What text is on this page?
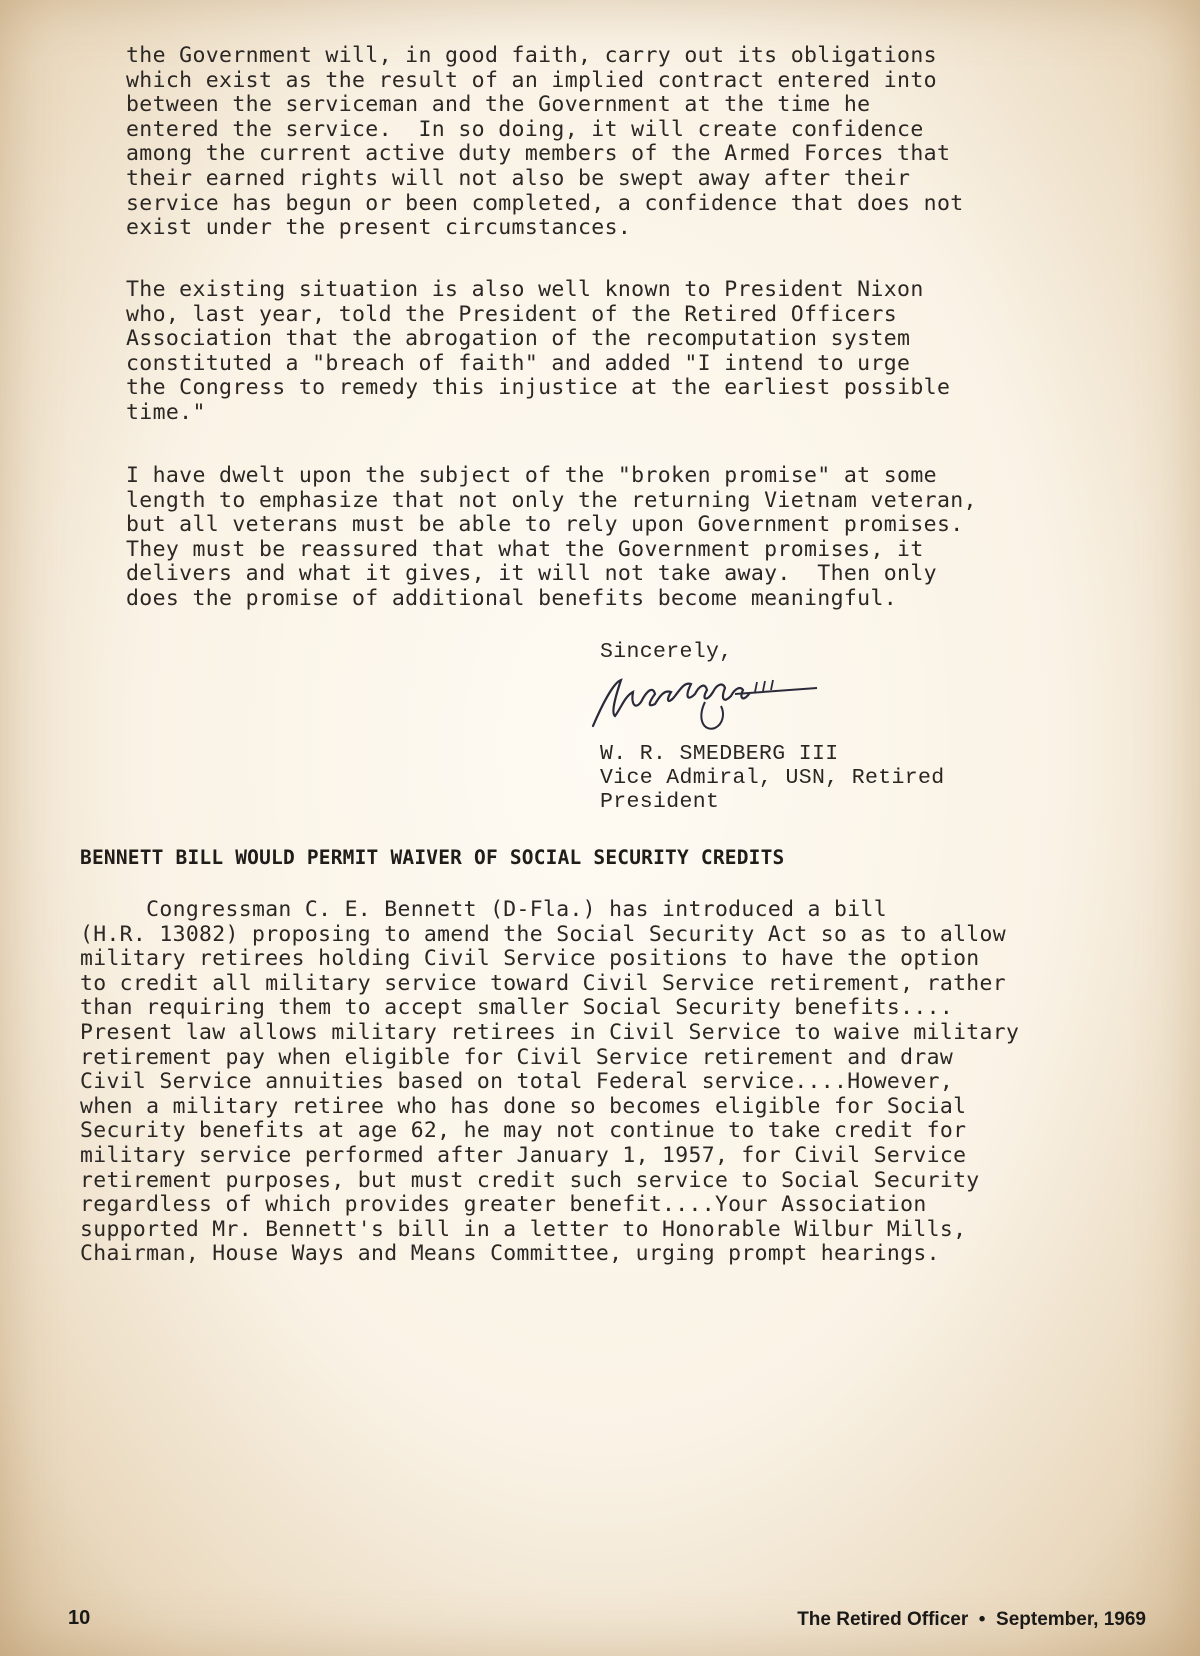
the Government will, in good faith, carry out its obligations
which exist as the result of an implied contract entered into
between the serviceman and the Government at the time he
entered the service.  In so doing, it will create confidence
among the current active duty members of the Armed Forces that
their earned rights will not also be swept away after their
service has begun or been completed, a confidence that does not
exist under the present circumstances.
The existing situation is also well known to President Nixon
who, last year, told the President of the Retired Officers
Association that the abrogation of the recomputation system
constituted a "breach of faith" and added "I intend to urge
the Congress to remedy this injustice at the earliest possible
time."
I have dwelt upon the subject of the "broken promise" at some
length to emphasize that not only the returning Vietnam veteran,
but all veterans must be able to rely upon Government promises.
They must be reassured that what the Government promises, it
delivers and what it gives, it will not take away.  Then only
does the promise of additional benefits become meaningful.
Sincerely,
W. R. SMEDBERG III
Vice Admiral, USN, Retired
President
BENNETT BILL WOULD PERMIT WAIVER OF SOCIAL SECURITY CREDITS
Congressman C. E. Bennett (D-Fla.) has introduced a bill
(H.R. 13082) proposing to amend the Social Security Act so as to allow
military retirees holding Civil Service positions to have the option
to credit all military service toward Civil Service retirement, rather
than requiring them to accept smaller Social Security benefits....
Present law allows military retirees in Civil Service to waive military
retirement pay when eligible for Civil Service retirement and draw
Civil Service annuities based on total Federal service....However,
when a military retiree who has done so becomes eligible for Social
Security benefits at age 62, he may not continue to take credit for
military service performed after January 1, 1957, for Civil Service
retirement purposes, but must credit such service to Social Security
regardless of which provides greater benefit....Your Association
supported Mr. Bennett's bill in a letter to Honorable Wilbur Mills,
Chairman, House Ways and Means Committee, urging prompt hearings.
10	The Retired Officer • September, 1969
